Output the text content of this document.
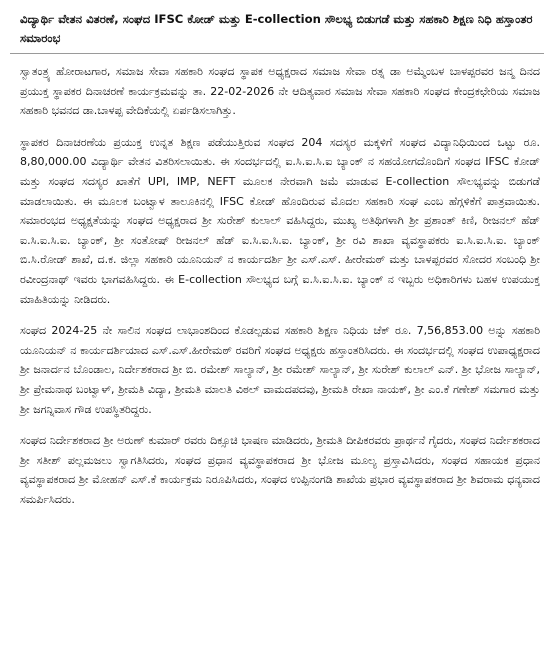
ವಿದ್ಯಾರ್ಥಿ ವೇತನ ವಿತರಣೆ, ಸಂಘದ IFSC ಕೋಡ್ ಮತ್ತು E-collection ಸೌಲಭ್ಯ ಬಿಡುಗಡೆ ಮತ್ತು ಸಹಕಾರಿ ಶಿಕ್ಷಣ ನಿಧಿ ಹಸ್ತಾಂತರ ಸಮಾರಂಭ

ಸ್ವಾತಂತ್ರ್ಯ ಹೋರಾಟಗಾರ, ಸಮಾಜ ಸೇವಾ ಸಹಕಾರಿ ಸಂಘದ ಸ್ಥಾಪಕ ಅಧ್ಯಕ್ಷರಾದ ಸಮಾಜ ಸೇವಾ ರತ್ನ ಡಾ ಅಮ್ಮೆಂಬಳ ಬಾಳಪ್ಪರವರ ಜನ್ಮ ದಿನದ ಪ್ರಯುಕ್ತ ಸ್ಥಾಪಕರ ದಿನಾಚರಣೆ ಕಾರ್ಯಕ್ರಮವನ್ನು ತಾ. 22-02-2026 ನೇ ಆದಿತ್ಯವಾರ ಸಮಾಜ ಸೇವಾ ಸಹಕಾರಿ ಸಂಘದ ಕೇಂದ್ರಕಛೇರಿಯ ಸಮಾಜ ಸಹಕಾರಿ ಭವನದ ಡಾ.ಬಾಳಪ್ಪ ವೇದಿಕೆಯಲ್ಲಿ ಏರ್ಪಡಿಸಲಾಗಿತ್ತು.

ಸ್ಥಾಪಕರ ದಿನಾಚರಣೆಯ ಪ್ರಯುಕ್ತ ಉನ್ನತ ಶಿಕ್ಷಣ ಪಡೆಯುತ್ತಿರುವ ಸಂಘದ 204 ಸದಸ್ಯರ ಮಕ್ಕಳಿಗೆ ಸಂಘದ ವಿದ್ಯಾನಿಧಿಯಿಂದ ಒಟ್ಟು ರೂ. 8,80,000.00 ವಿದ್ಯಾರ್ಥಿ ವೇತನ ವಿತರಿಸಲಾಯಿತು. ಈ ಸಂದರ್ಭದಲ್ಲಿ ಐ.ಸಿ.ಐ.ಸಿ.ಐ ಬ್ಯಾಂಕ್ ನ ಸಹಯೋಗದೊಂದಿಗೆ ಸಂಘದ IFSC ಕೋಡ್ ಮತ್ತು ಸಂಘದ ಸದಸ್ಯರ ಖಾತೆಗೆ UPI, IMP, NEFT ಮೂಲಕ ನೇರವಾಗಿ ಜಮೆ ಮಾಡುವ E-collection ಸೌಲಭ್ಯವನ್ನು ಬಿಡುಗಡೆ ಮಾಡಲಾಯಿತು. ಈ ಮೂಲಕ ಬಂಟ್ವಾಳ ತಾಲೂಕಿನಲ್ಲಿ IFSC ಕೋಡ್ ಹೊಂದಿರುವ ಮೊದಲ ಸಹಕಾರಿ ಸಂಘ ಎಂಬ ಹೆಗ್ಗಳಿಕೆಗೆ ಪಾತ್ರವಾಯಿತು. ಸಮಾರಂಭದ ಅಧ್ಯಕ್ಷತೆಯನ್ನು ಸಂಘದ ಅಧ್ಯಕ್ಷರಾದ ಶ್ರೀ ಸುರೇಶ್ ಕುಲಾಲ್ ವಹಿಸಿದ್ದರು, ಮುಖ್ಯ ಅತಿಥಿಗಳಾಗಿ ಶ್ರೀ ಪ್ರಶಾಂತ್ ಕಿಣಿ, ರೀಜನಲ್ ಹೆಡ್ ಐ.ಸಿ.ಐ.ಸಿ.ಐ. ಬ್ಯಾಂಕ್, ಶ್ರೀ ಸಂತೋಷ್ ರೀಜನಲ್ ಹೆಡ್ ಐ.ಸಿ.ಐ.ಸಿ.ಐ. ಬ್ಯಾಂಕ್, ಶ್ರೀ ರವಿ ಶಾಖಾ ವ್ಯವಸ್ಥಾಪಕರು ಐ.ಸಿ.ಐ.ಸಿ.ಐ. ಬ್ಯಾಂಕ್ ಬಿ.ಸಿ.ರೋಡ್ ಶಾಖೆ, ದ.ಕ. ಜಿಲ್ಲಾ ಸಹಕಾರಿ ಯೂನಿಯನ್ ನ ಕಾರ್ಯದರ್ಶಿ ಶ್ರೀ ಎಸ್.ಎಸ್. ಹೀರೇಮಠ್ ಮತ್ತು ಬಾಳಪ್ಪರವರ ಸೋದರ ಸಂಬಂಧಿ ಶ್ರೀ ರವೀಂದ್ರನಾಥ್ ಇವರು ಭಾಗವಹಿಸಿದ್ದರು. ಈ E-collection ಸೌಲಭ್ಯದ ಬಗ್ಗೆ ಐ.ಸಿ.ಐ.ಸಿ.ಐ. ಬ್ಯಾಂಕ್ ನ ಇಬ್ಬರು ಅಧಿಕಾರಿಗಳು ಬಹಳ ಉಪಯುಕ್ತ ಮಾಹಿತಿಯನ್ನು ನೀಡಿದರು.

ಸಂಘದ 2024-25 ನೇ ಸಾಲಿನ ಸಂಘದ ಲಾಭಾಂಶದಿಂದ ಕೊಡಲ್ಪಡುವ ಸಹಕಾರಿ ಶಿಕ್ಷಣ ನಿಧಿಯ ಚೆಕ್ ರೂ. 7,56,853.00 ಅನ್ನು ಸಹಕಾರಿ ಯೂನಿಯನ್ ನ ಕಾರ್ಯದರ್ಶಿಯಾದ ಎಸ್.ಎಸ್.ಹೀರೇಮಠ್ ರವರಿಗೆ ಸಂಘದ ಅಧ್ಯಕ್ಷರು ಹಸ್ತಾಂತರಿಸಿದರು. ಈ ಸಂದರ್ಭದಲ್ಲಿ ಸಂಘದ ಉಪಾಧ್ಯಕ್ಷರಾದ ಶ್ರೀ ಜನಾರ್ದನ ಬೊಂಡಾಲ, ನಿರ್ದೇಶಕರಾದ ಶ್ರೀ ಬಿ. ರಮೇಶ್ ಸಾಲ್ಯಾನ್, ಶ್ರೀ ರಮೇಶ್ ಸಾಲ್ಯಾನ್, ಶ್ರೀ ಸುರೇಶ್ ಕುಲಾಲ್ ಎನ್. ಶ್ರೀ ಭೋಜ ಸಾಲ್ಯಾನ್, ಶ್ರೀ ಪ್ರೇಮನಾಥ ಬಂಟ್ವಾಳ್, ಶ್ರೀಮತಿ ವಿದ್ಯಾ, ಶ್ರೀಮತಿ ಮಾಲತಿ ವಿಠಲ್ ವಾಮದಪದವು, ಶ್ರೀಮತಿ ರೇಖಾ ನಾಯಕ್, ಶ್ರೀ ಎಂ.ಕೆ ಗಣೇಶ್ ಸಮಗಾರ ಮತ್ತು ಶ್ರೀ ಜಗನ್ನಿವಾಸ ಗೌಡ ಉಪಸ್ಥಿತರಿದ್ದರು.

ಸಂಘದ ನಿರ್ದೇಶಕರಾದ ಶ್ರೀ ಅರುಣ್ ಕುಮಾರ್ ರವರು ದಿಕ್ಸೂಚಿ ಭಾಷಣ ಮಾಡಿದರು, ಶ್ರೀಮತಿ ದೀಪಿಕರವರು ಪ್ರಾರ್ಥನೆ ಗೈದರು, ಸಂಘದ ನಿರ್ದೇಶಕರಾದ ಶ್ರೀ ಸತೀಶ್ ಪಲ್ಲಮಜಲು ಸ್ವಾಗತಿಸಿದರು, ಸಂಘದ ಪ್ರಧಾನ ವ್ಯವಸ್ಥಾಪಕರಾದ ಶ್ರೀ ಭೋಜ ಮೂಲ್ಯ ಪ್ರಸ್ತಾವಿಸಿದರು, ಸಂಘದ ಸಹಾಯಕ ಪ್ರಧಾನ ವ್ಯವಸ್ಥಾಪಕರಾದ ಶ್ರೀ ಮೋಹನ್ ಎಸ್.ಕೆ ಕಾರ್ಯಕ್ರಮ ನಿರೂಪಿಸಿದರು, ಸಂಘದ ಉಪ್ಪಿನಂಗಡಿ ಶಾಖೆಯ ಪ್ರಭಾರ ವ್ಯವಸ್ಥಾಪಕರಾದ ಶ್ರೀ ಶಿವರಾಮ ಧನ್ಯವಾದ ಸಮರ್ಪಿಸಿದರು.
